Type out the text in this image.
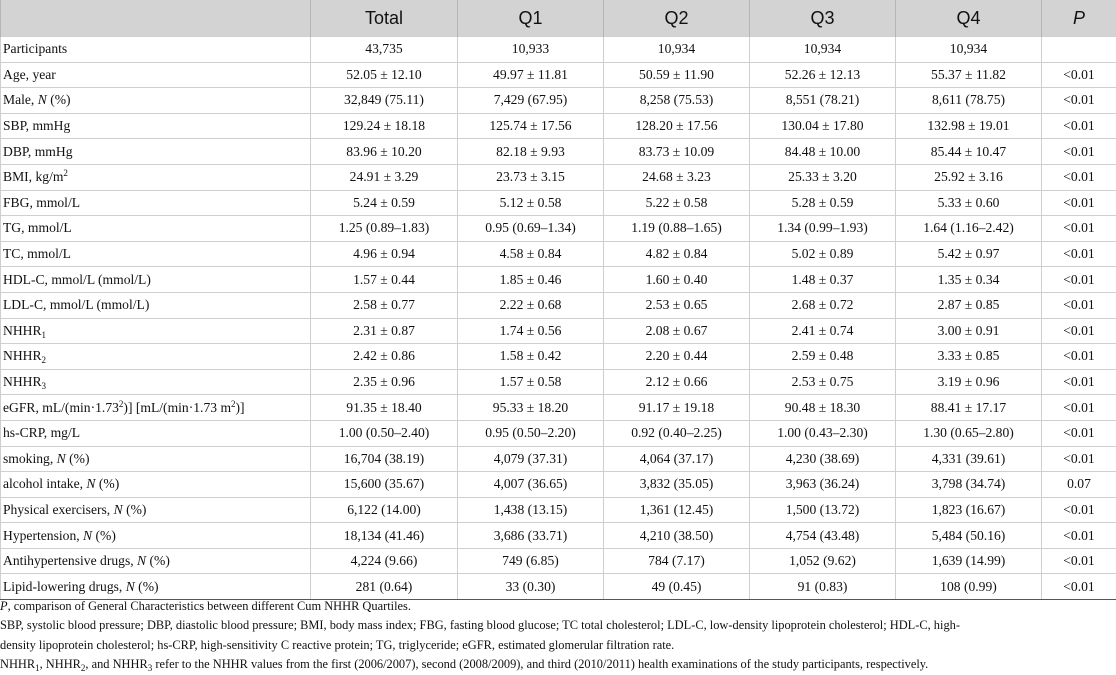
	Total	Q1	Q2	Q3	Q4	P
Participants	43,735	10,933	10,934	10,934	10,934	
Age, year	52.05 ± 12.10	49.97 ± 11.81	50.59 ± 11.90	52.26 ± 12.13	55.37 ± 11.82	<0.01
Male, N (%)	32,849 (75.11)	7,429 (67.95)	8,258 (75.53)	8,551 (78.21)	8,611 (78.75)	<0.01
SBP, mmHg	129.24 ± 18.18	125.74 ± 17.56	128.20 ± 17.56	130.04 ± 17.80	132.98 ± 19.01	<0.01
DBP, mmHg	83.96 ± 10.20	82.18 ± 9.93	83.73 ± 10.09	84.48 ± 10.00	85.44 ± 10.47	<0.01
BMI, $kg/m^2$	24.91 ± 3.29	23.73 ± 3.15	24.68 ± 3.23	25.33 ± 3.20	25.92 ± 3.16	<0.01
FBG, mmol/L	5.24 ± 0.59	5.12 ± 0.58	5.22 ± 0.58	5.28 ± 0.59	5.33 ± 0.60	<0.01
TG, mmol/L	1.25 (0.89–1.83)	0.95 (0.69–1.34)	1.19 (0.88–1.65)	1.34 (0.99–1.93)	1.64 (1.16–2.42)	<0.01
TC, mmol/L	4.96 ± 0.94	4.58 ± 0.84	4.82 ± 0.84	5.02 ± 0.89	5.42 ± 0.97	<0.01
HDL-C, mmol/L (mmol/L)	1.57 ± 0.44	1.85 ± 0.46	1.60 ± 0.40	1.48 ± 0.37	1.35 ± 0.34	<0.01
LDL-C, mmol/L (mmol/L)	2.58 ± 0.77	2.22 ± 0.68	2.53 ± 0.65	2.68 ± 0.72	2.87 ± 0.85	<0.01
$NHHR_1$	2.31 ± 0.87	1.74 ± 0.56	2.08 ± 0.67	2.41 ± 0.74	3.00 ± 0.91	<0.01
$NHHR_2$	2.42 ± 0.86	1.58 ± 0.42	2.20 ± 0.44	2.59 ± 0.48	3.33 ± 0.85	<0.01
$NHHR_3$	2.35 ± 0.96	1.57 ± 0.58	2.12 ± 0.66	2.53 ± 0.75	3.19 ± 0.96	<0.01
eGFR, $mL/(\min\cdot 1.73^2)$] [mL/(min·1.73 $m^2$)]	91.35 ± 18.40	95.33 ± 18.20	91.17 ± 19.18	90.48 ± 18.30	88.41 ± 17.17	<0.01
hs-CRP, mg/L	1.00 (0.50–2.40)	0.95 (0.50–2.20)	0.92 (0.40–2.25)	1.00 (0.43–2.30)	1.30 (0.65–2.80)	<0.01
smoking, N (%)	16,704 (38.19)	4,079 (37.31)	4,064 (37.17)	4,230 (38.69)	4,331 (39.61)	<0.01
alcohol intake, N (%)	15,600 (35.67)	4,007 (36.65)	3,832 (35.05)	3,963 (36.24)	3,798 (34.74)	0.07
Physical exercisers, N (%)	6,122 (14.00)	1,438 (13.15)	1,361 (12.45)	1,500 (13.72)	1,823 (16.67)	<0.01
Hypertension, N (%)	18,134 (41.46)	3,686 (33.71)	4,210 (38.50)	4,754 (43.48)	5,484 (50.16)	<0.01
Antihypertensive drugs, N (%)	4,224 (9.66)	749 (6.85)	784 (7.17)	1,052 (9.62)	1,639 (14.99)	<0.01
Lipid-lowering drugs, N (%)	281 (0.64)	33 (0.30)	49 (0.45)	91 (0.83)	108 (0.99)	<0.01

P, comparison of General Characteristics between different Cum NHHR Quartiles.

SBP, systolic blood pressure; DBP, diastolic blood pressure; BMI, body mass index; FBG, fasting blood glucose; TC total cholesterol; LDL-C, low-density lipoprotein cholesterol; HDL-C, high-

density lipoprotein cholesterol; hs-CRP, high-sensitivity C reactive protein; TG, triglyceride; eGFR, estimated glomerular filtration rate.

$NHHR_1$, $NHHR_2$, and $NHHR_3$ refer to the NHHR values from the first (2006/2007), second (2008/2009), and third (2010/2011) health examinations of the study participants, respectively.
